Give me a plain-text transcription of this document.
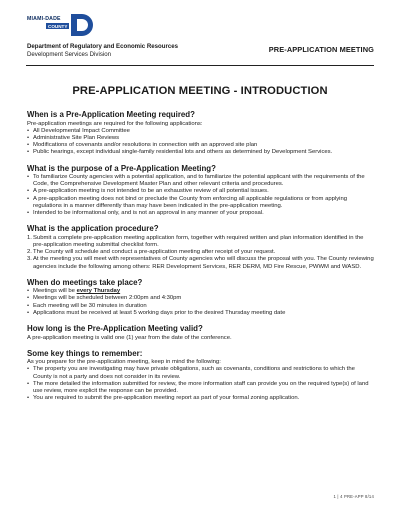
MIAMI-DADE
COUNTY
Department of Regulatory and Economic Resources
Development Services Division
PRE-APPLICATION MEETING
PRE-APPLICATION MEETING - INTRODUCTION
When is a Pre-Application Meeting required?

Pre-application meetings are required for the following applications:

• All Developmental Impact Committee
• Administrative Site Plan Reviews
• Modifications of covenants and/or resolutions in connection with an approved site plan
• Public hearings, except individual single-family residential lots and others as determined by Development Services.
What is the purpose of a Pre-Application Meeting?
• To familiarize County agencies with a potential application, and to familiarize the potential applicant with the requirements of the Code, the Comprehensive Development Master Plan and other relevant criteria and procedures.
• A pre-application meeting is not intended to be an exhaustive review of all potential issues.
• A pre-application meeting does not bind or preclude the County from enforcing all applicable regulations or from applying regulations in a manner differently than may have been indicated in the pre-application meeting.
• Intended to be informational only, and is not an approval in any manner of your proposal.
What is the application procedure?
1. Submit a complete pre-application meeting application form, together with required written and plan information identified in the pre-application meeting submittal checklist form.
2. The County will schedule and conduct a pre-application meeting after receipt of your request.
3. At the meeting you will meet with representatives of County agencies who will discuss the proposal with you. The County reviewing agencies include the following among others: RER Development Services, RER DERM, MD Fire Rescue, PWWM and WASD.
When do meetings take place?
• Meetings will be every Thursday
• Meetings will be scheduled between 2:00pm and 4:30pm
• Each meeting will be 30 minutes in duration
• Applications must be received at least 5 working days prior to the desired Thursday meeting date
How long is the Pre-Application Meeting valid?

A pre-application meeting is valid one (1) year from the date of the conference.

Some key things to remember:

As you prepare for the pre-application meeting, keep in mind the following:

• The property you are investigating may have private obligations, such as covenants, conditions and restrictions to which the County is not a party and does not consider in its review.
• The more detailed the information submitted for review, the more information staff can provide you on the required type(s) of land use review, more explicit the response can be provided.
• You are required to submit the pre-application meeting report as part of your formal zoning application.
1 | 4 PRE-APP 8/14
